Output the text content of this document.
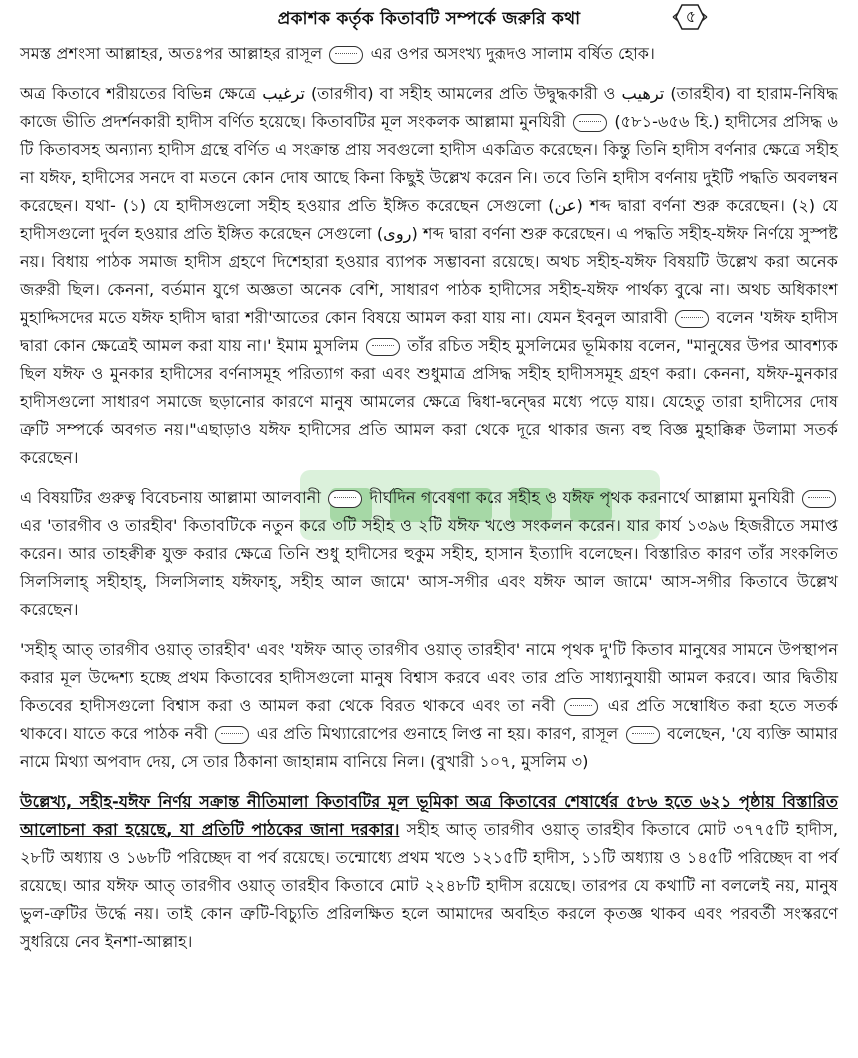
প্রকাশক কর্তৃক কিতাবটি সম্পর্কে জরুরি কথা	৫

সমস্ত প্রশংসা আল্লাহর, অতঃপর আল্লাহর রাসূল	এর ওপর অসংখ্য দুরূদও সালাম বর্ষিত হোক।

অত্র কিতাবে শরীয়তের বিভিন্ন ক্ষেত্রে ترغيب (তারগীব) বা সহীহ আমলের প্রতি উদ্বুদ্ধকারী ও ترهيب (তারহীব) বা হারাম-নিষিদ্ধ কাজে ভীতি প্রদর্শনকারী হাদীস বর্ণিত হয়েছে। কিতাবটির মূল সংকলক আল্লামা মুনযিরী	(৫৮১-৬৫৬ হি.) হাদীসের প্রসিদ্ধ ৬ টি কিতাবসহ অন্যান্য হাদীস গ্রন্থে বর্ণিত এ সংক্রান্ত প্রায় সবগুলো হাদীস একত্রিত করেছেন। কিন্তু তিনি হাদীস বর্ণনার ক্ষেত্রে সহীহ না যঈফ, হাদীসের সনদে বা মতনে কোন দোষ আছে কিনা কিছুই উল্লেখ করেন নি। তবে তিনি হাদীস বর্ণনায় দুইটি পদ্ধতি অবলম্বন করেছেন। যথা- (১) যে হাদীসগুলো সহীহ হওয়ার প্রতি ইঙ্গিত করেছেন সেগুলো (عن) শব্দ দ্বারা বর্ণনা শুরু করেছেন। (২) যে হাদীসগুলো দুর্বল হওয়ার প্রতি ইঙ্গিত করেছেন সেগুলো (روى) শব্দ দ্বারা বর্ণনা শুরু করেছেন। এ পদ্ধতি সহীহ-যঈফ নির্ণয়ে সুস্পষ্ট নয়। বিধায় পাঠক সমাজ হাদীস গ্রহণে দিশেহারা হওয়ার ব্যাপক সম্ভাবনা রয়েছে। অথচ সহীহ-যঈফ বিষয়টি উল্লেখ করা অনেক জরুরী ছিল। কেননা, বর্তমান যুগে অজ্ঞতা অনেক বেশি, সাধারণ পাঠক হাদীসের সহীহ-যঈফ পার্থক্য বুঝে না। অথচ অধিকাংশ মুহাদ্দিসদের মতে যঈফ হাদীস দ্বারা শরী'আতের কোন বিষয়ে আমল করা যায় না। যেমন ইবনুল আরাবী	বলেন 'যঈফ হাদীস দ্বারা কোন ক্ষেত্রেই আমল করা যায় না।' ইমাম মুসলিম	তাঁর রচিত সহীহ মুসলিমের ভূমিকায় বলেন, "মানুষের উপর আবশ্যক ছিল যঈফ ও মুনকার হাদীসের বর্ণনাসমূহ পরিত্যাগ করা এবং শুধুমাত্র প্রসিদ্ধ সহীহ হাদীসসমূহ গ্রহণ করা। কেননা, যঈফ-মুনকার হাদীসগুলো সাধারণ সমাজে ছড়ানোর কারণে মানুষ আমলের ক্ষেত্রে দ্বিধা-দ্বন্দ্বের মধ্যে পড়ে যায়। যেহেতু তারা হাদীসের দোষ ত্রুটি সম্পর্কে অবগত নয়।"এছাড়াও যঈফ হাদীসের প্রতি আমল করা থেকে দূরে থাকার জন্য বহু বিজ্ঞ মুহাক্কিক্ব উলামা সতর্ক করেছেন।

এ বিষয়টির গুরুত্ব বিবেচনায় আল্লামা আলবানী	দীর্ঘদিন গবেষণা করে সহীহ ও যঈফ পৃথক করনার্থে আল্লামা মুনযিরী  এর 'তারগীব ও তারহীব' কিতাবটিকে নতুন করে ৩টি সহীহ ও ২টি যঈফ খণ্ডে সংকলন করেন। যার কার্য ১৩৯৬ হিজরীতে সমাপ্ত করেন। আর তাহক্বীক্ব যুক্ত করার ক্ষেত্রে তিনি শুধু হাদীসের হুকুম সহীহ, হাসান ইত্যাদি বলেছেন। বিস্তারিত কারণ তাঁর সংকলিত সিলসিলাহ্ সহীহাহ্, সিলসিলাহ যঈফাহ্, সহীহ আল জামে' আস-সগীর এবং যঈফ আল জামে' আস-সগীর কিতাবে উল্লেখ করেছেন।

'সহীহ্ আত্ তারগীব ওয়াত্ তারহীব' এবং 'যঈফ আত্ তারগীব ওয়াত্ তারহীব' নামে পৃথক দু'টি কিতাব মানুষের সামনে উপস্থাপন করার মূল উদ্দেশ্য হচ্ছে প্রথম কিতাবের হাদীসগুলো মানুষ বিশ্বাস করবে এবং তার প্রতি সাধ্যানুযায়ী আমল করবে। আর দ্বিতীয় কিতবের হাদীসগুলো বিশ্বাস করা ও আমল করা থেকে বিরত থাকবে এবং তা নবী	এর প্রতি সম্বোধিত করা হতে সতর্ক থাকবে। যাতে করে পাঠক নবী	এর প্রতি মিথ্যারোপের গুনাহে লিপ্ত না হয়। কারণ, রাসূল	বলেছেন, 'যে ব্যক্তি আমার নামে মিথ্যা অপবাদ দেয়, সে তার ঠিকানা জাহান্নাম বানিয়ে নিল। (বুখারী ১০৭, মুসলিম ৩)

উল্লেখ্য, সহীহ-যঈফ নির্ণয় সক্রান্ত নীতিমালা কিতাবটির মূল ভূমিকা অত্র কিতাবের শেষার্ধের ৫৮৬ হতে ৬২১ পৃষ্ঠায় বিস্তারিত আলোচনা করা হয়েছে, যা প্রতিটি পাঠকের জানা দরকার। সহীহ আত্ তারগীব ওয়াত্ তারহীব কিতাবে মোট ৩৭৭৫টি হাদীস, ২৮টি অধ্যায় ও ১৬৮টি পরিচ্ছেদ বা পর্ব রয়েছে। তন্মোধ্যে প্রথম খণ্ডে ১২১৫টি হাদীস, ১১টি অধ্যায় ও ১৪৫টি পরিচ্ছেদ বা পর্ব রয়েছে। আর যঈফ আত্ তারগীব ওয়াত্ তারহীব কিতাবে মোট ২২৪৮টি হাদীস রয়েছে। তারপর যে কথাটি না বললেই নয়, মানুষ ভুল-ত্রুটির উর্দ্ধে নয়। তাই কোন ত্রুটি-বিচ্যুতি প্ররিলক্ষিত হলে আমাদের অবহিত করলে কৃতজ্ঞ থাকব এবং পরবর্তী সংস্করণে সুধরিয়ে নেব ইনশা-আল্লাহ।
